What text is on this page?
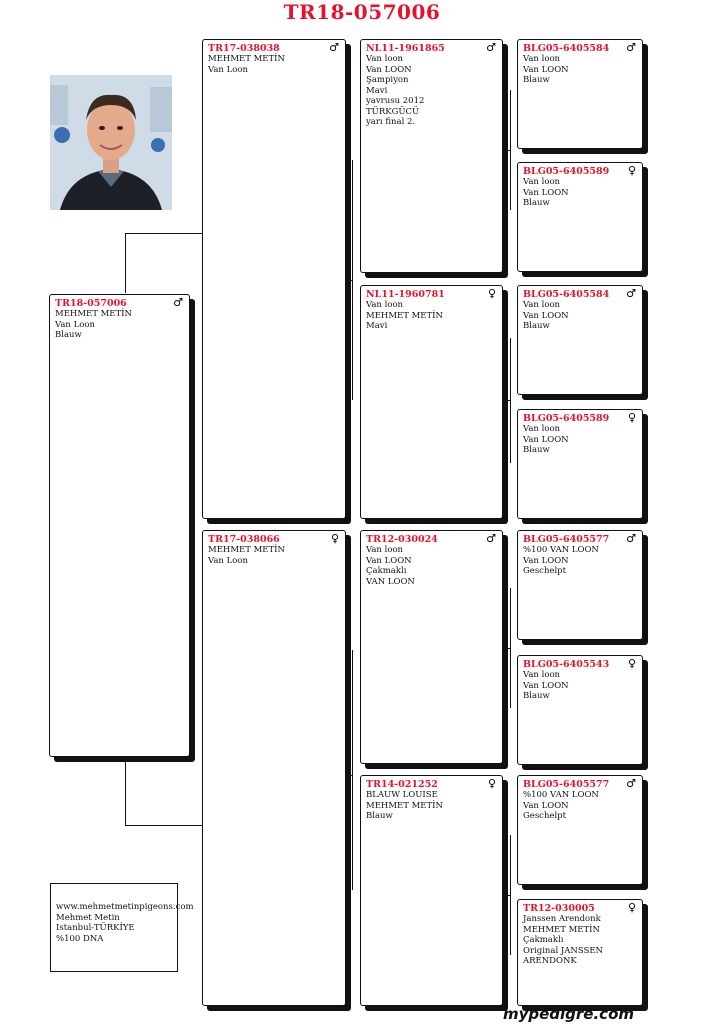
TR18-057006
TR18-057006	♂
MEHMET METİN
Van Loon
Blauw
TR17-038038	♂
MEHMET METİN
Van Loon
TR17-038066	♀
MEHMET METİN
Van Loon
NL11-1961865	♂
Van loon
Van LOON
Şampiyon
Mavi
yavrusu 2012
TÜRKGÜCÜ
yarı final 2.
NL11-1960781	♀
Van loon
MEHMET METİN
Mavi
TR12-030024	♂
Van loon
Van LOON
Çakmaklı
VAN LOON
TR14-021252	♀
BLAUW LOUISE
MEHMET METİN
Blauw
BLG05-6405584	♂
Van loon
Van LOON
Blauw
BLG05-6405589	♀
Van loon
Van LOON
Blauw
BLG05-6405584	♂
Van loon
Van LOON
Blauw
BLG05-6405589	♀
Van loon
Van LOON
Blauw
BLG05-6405577	♂
%100 VAN LOON
Van LOON
Geschelpt
BLG05-6405543	♀
Van loon
Van LOON
Blauw
BLG05-6405577	♂
%100 VAN LOON
Van LOON
Geschelpt
TR12-030005	♀
Janssen Arendonk
MEHMET METİN
Çakmaklı
Original JANSSEN
ARENDONK
www.mehmetmetinpigeons.com
Mehmet Metin
Istanbul-TÜRKİYE
%100 DNA
mypedigre.com
